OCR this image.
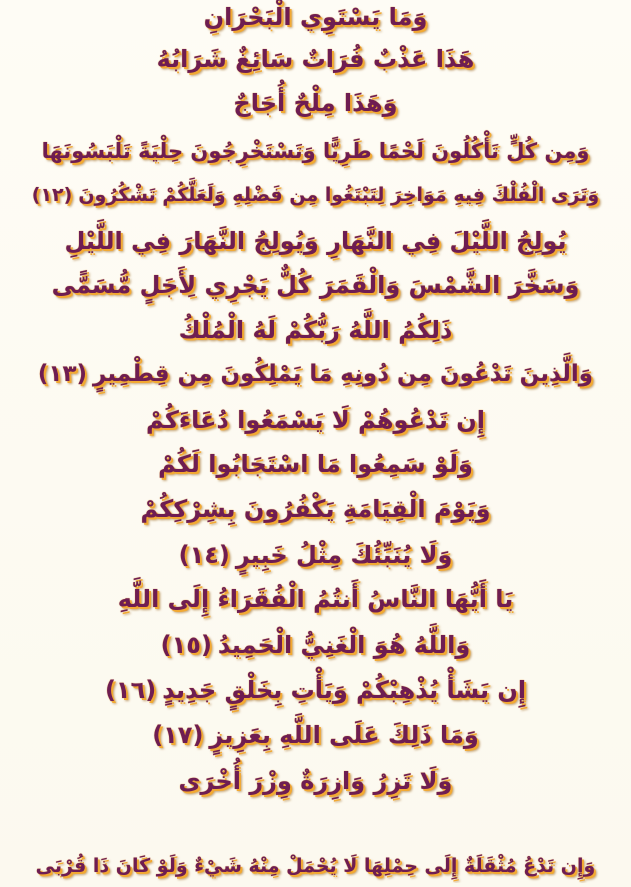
وَمَا يَسْتَوِي الْبَحْرَانِ
هَذَا عَذْبٌ فُرَاتٌ سَائِغٌ شَرَابُهُ
وَهَذَا مِلْحٌ أُجَاجٌ
وَمِن كُلٍّ تَأْكُلُونَ لَحْمًا طَرِيًّا وَتَسْتَخْرِجُونَ حِلْيَةً تَلْبَسُونَهَا
وَتَرَى الْفُلْكَ فِيهِ مَوَاخِرَ لِتَبْتَغُوا مِن فَضْلِهِ وَلَعَلَّكُمْ تَشْكُرُونَ(١٢)
يُولِجُ اللَّيْلَ فِي النَّهَارِ وَيُولِجُ النَّهَارَ فِي اللَّيْلِ
وَسَخَّرَ الشَّمْسَ وَالْقَمَرَ كُلٌّ يَجْرِي لِأَجَلٍ مُّسَمًّى
ذَلِكُمُ اللَّهُ رَبُّكُمْ لَهُ الْمُلْكُ
وَالَّذِينَ تَدْعُونَ مِن دُونِهِ مَا يَمْلِكُونَ مِن قِطْمِيرٍ(١٣)
إِن تَدْعُوهُمْ لَا يَسْمَعُوا دُعَاءَكُمْ
وَلَوْ سَمِعُوا مَا اسْتَجَابُوا لَكُمْ
وَيَوْمَ الْقِيَامَةِ يَكْفُرُونَ بِشِرْكِكُمْ
وَلَا يُنَبِّئُكَ مِثْلُ خَبِيرٍ(١٤)
يَا أَيُّهَا النَّاسُ أَنتُمُ الْفُقَرَاءُ إِلَى اللَّهِ
وَاللَّهُ هُوَ الْغَنِيُّ الْحَمِيدُ(١٥)
إِن يَشَأْ يُذْهِبْكُمْ وَيَأْتِ بِخَلْقٍ جَدِيدٍ(١٦)
وَمَا ذَلِكَ عَلَى اللَّهِ بِعَزِيزٍ(١٧)
وَلَا تَزِرُ وَازِرَةٌ وِزْرَ أُخْرَى
وَإِن تَدْعُ مُثْقَلَةٌ إِلَى حِمْلِهَا لَا يُحْمَلْ مِنْهُ شَيْءٌ وَلَوْ كَانَ ذَا قُرْبَى
